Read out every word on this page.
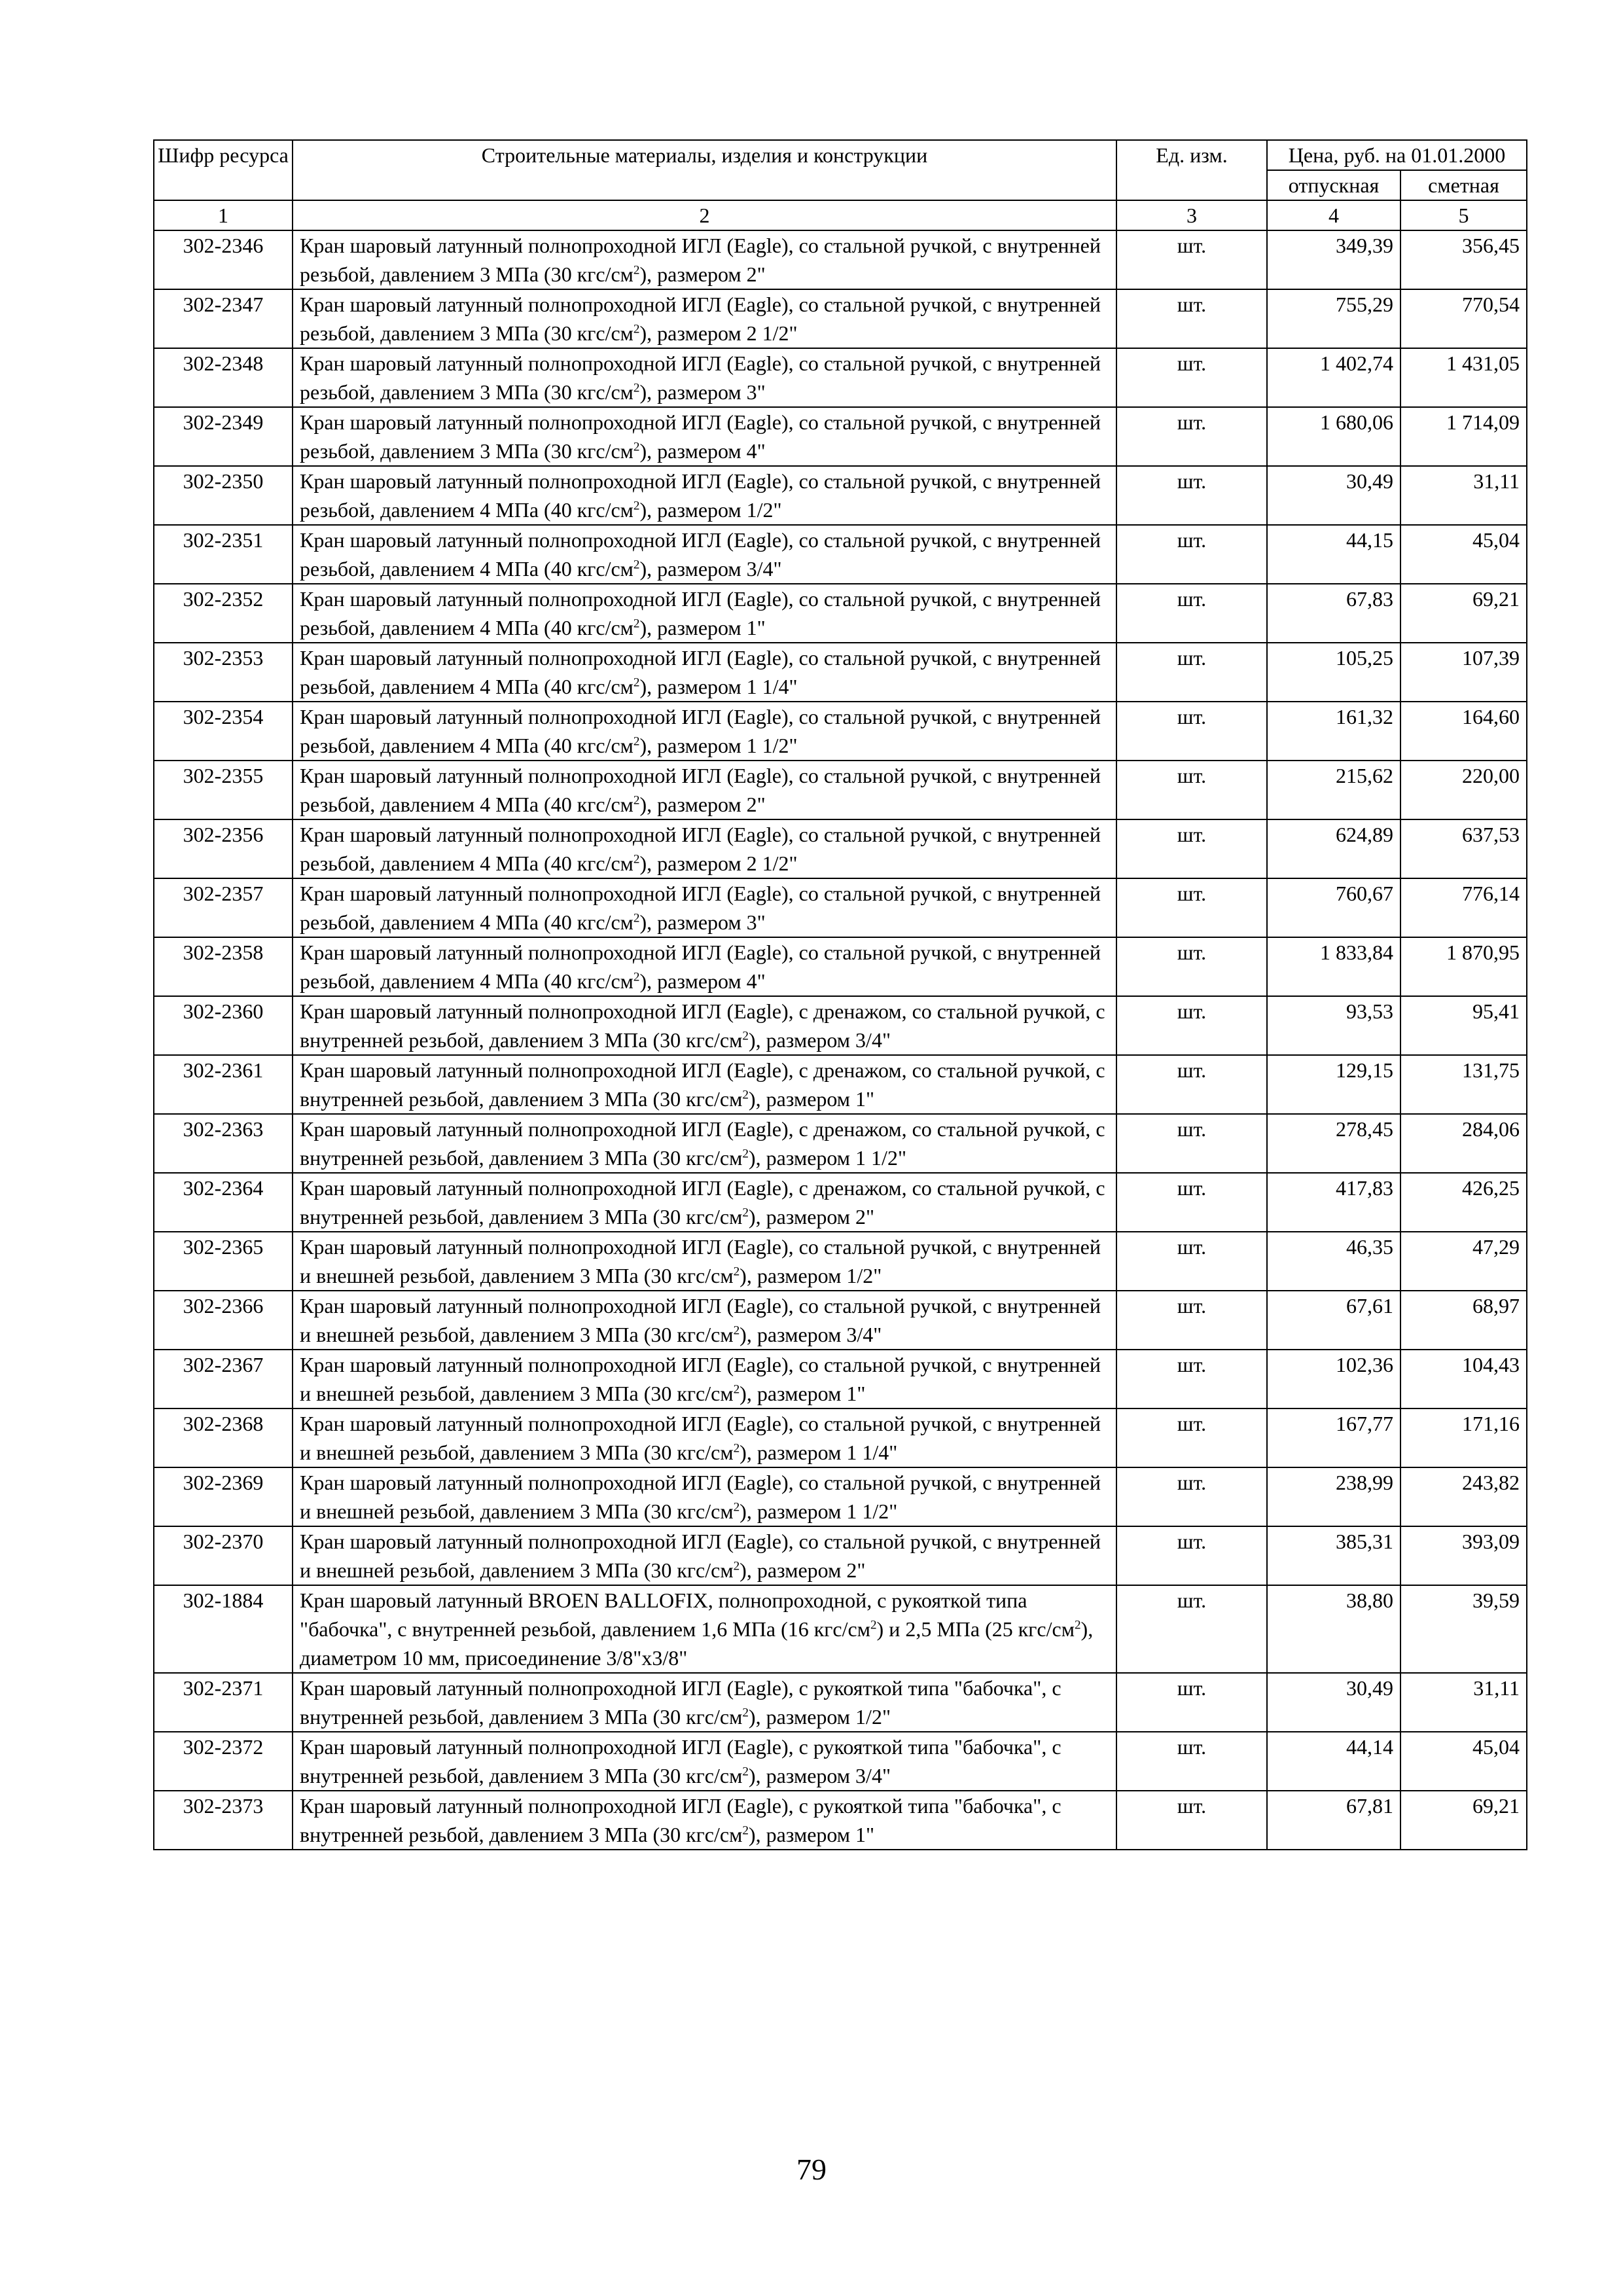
Шифр ресурса	Строительные материалы, изделия и конструкции	Ед. изм.	Цена, руб. на 01.01.2000	
			отпускная	сметная
1	2	3	4	5
302-2346	Кран шаровый латунный полнопроходной ИГЛ (Eagle), со стальной ручкой, с внутренней резьбой, давлением 3 МПа (30 кгс/$см^2$), размером 2"	шт.	349,39	356,45
302-2347	Кран шаровый латунный полнопроходной ИГЛ (Eagle), со стальной ручкой, с внутренней резьбой, давлением 3 МПа (30 кгс/$см^2$), размером 2 1/2"	шт.	755,29	770,54
302-2348	Кран шаровый латунный полнопроходной ИГЛ (Eagle), со стальной ручкой, с внутренней резьбой, давлением 3 МПа (30 кгс/$см^2$), размером 3"	шт.	1 402,74	1 431,05
302-2349	Кран шаровый латунный полнопроходной ИГЛ (Eagle), со стальной ручкой, с внутренней резьбой, давлением 3 МПа (30 кгс/$см^2$), размером 4"	шт.	1 680,06	1 714,09
302-2350	Кран шаровый латунный полнопроходной ИГЛ (Eagle), со стальной ручкой, с внутренней резьбой, давлением 4 МПа (40 кгс/$см^2$), размером 1/2"	шт.	30,49	31,11
302-2351	Кран шаровый латунный полнопроходной ИГЛ (Eagle), со стальной ручкой, с внутренней резьбой, давлением 4 МПа (40 кгс/$см^2$), размером 3/4"	шт.	44,15	45,04
302-2352	Кран шаровый латунный полнопроходной ИГЛ (Eagle), со стальной ручкой, с внутренней резьбой, давлением 4 МПа (40 кгс/$см^2$), размером 1"	шт.	67,83	69,21
302-2353	Кран шаровый латунный полнопроходной ИГЛ (Eagle), со стальной ручкой, с внутренней резьбой, давлением 4 МПа (40 кгс/$см^2$), размером 1 1/4"	шт.	105,25	107,39
302-2354	Кран шаровый латунный полнопроходной ИГЛ (Eagle), со стальной ручкой, с внутренней резьбой, давлением 4 МПа (40 кгс/$см^2$), размером 1 1/2"	шт.	161,32	164,60
302-2355	Кран шаровый латунный полнопроходной ИГЛ (Eagle), со стальной ручкой, с внутренней резьбой, давлением 4 МПа (40 кгс/$см^2$), размером 2"	шт.	215,62	220,00
302-2356	Кран шаровый латунный полнопроходной ИГЛ (Eagle), со стальной ручкой, с внутренней резьбой, давлением 4 МПа (40 кгс/$см^2$), размером 2 1/2"	шт.	624,89	637,53
302-2357	Кран шаровый латунный полнопроходной ИГЛ (Eagle), со стальной ручкой, с внутренней резьбой, давлением 4 МПа (40 кгс/$см^2$), размером 3"	шт.	760,67	776,14
302-2358	Кран шаровый латунный полнопроходной ИГЛ (Eagle), со стальной ручкой, с внутренней резьбой, давлением 4 МПа (40 кгс/$см^2$), размером 4"	шт.	1 833,84	1 870,95
302-2360	Кран шаровый латунный полнопроходной ИГЛ (Eagle), с дренажом, со стальной ручкой, с внутренней резьбой, давлением 3 МПа (30 кгс/$см^2$), размером 3/4"	шт.	93,53	95,41
302-2361	Кран шаровый латунный полнопроходной ИГЛ (Eagle), с дренажом, со стальной ручкой, с внутренней резьбой, давлением 3 МПа (30 кгс/$см^2$), размером 1"	шт.	129,15	131,75
302-2363	Кран шаровый латунный полнопроходной ИГЛ (Eagle), с дренажом, со стальной ручкой, с внутренней резьбой, давлением 3 МПа (30 кгс/$см^2$), размером 1 1/2"	шт.	278,45	284,06
302-2364	Кран шаровый латунный полнопроходной ИГЛ (Eagle), с дренажом, со стальной ручкой, с внутренней резьбой, давлением 3 МПа (30 кгс/$см^2$), размером 2"	шт.	417,83	426,25
302-2365	Кран шаровый латунный полнопроходной ИГЛ (Eagle), со стальной ручкой, с внутренней и внешней резьбой, давлением 3 МПа (30 кгс/$см^2$), размером 1/2"	шт.	46,35	47,29
302-2366	Кран шаровый латунный полнопроходной ИГЛ (Eagle), со стальной ручкой, с внутренней и внешней резьбой, давлением 3 МПа (30 кгс/$см^2$), размером 3/4"	шт.	67,61	68,97
302-2367	Кран шаровый латунный полнопроходной ИГЛ (Eagle), со стальной ручкой, с внутренней и внешней резьбой, давлением 3 МПа (30 кгс/$см^2$), размером 1"	шт.	102,36	104,43
302-2368	Кран шаровый латунный полнопроходной ИГЛ (Eagle), со стальной ручкой, с внутренней и внешней резьбой, давлением 3 МПа (30 кгс/$см^2$), размером 1 1/4"	шт.	167,77	171,16
302-2369	Кран шаровый латунный полнопроходной ИГЛ (Eagle), со стальной ручкой, с внутренней и внешней резьбой, давлением 3 МПа (30 кгс/$см^2$), размером 1 1/2"	шт.	238,99	243,82
302-2370	Кран шаровый латунный полнопроходной ИГЛ (Eagle), со стальной ручкой, с внутренней и внешней резьбой, давлением 3 МПа (30 кгс/$см^2$), размером 2"	шт.	385,31	393,09
302-1884	Кран шаровый латунный BROEN BALLOFIX, полнопроходной, с рукояткой типа "бабочка", с внутренней резьбой, давлением 1,6 МПа (16 кгс/$см^2$) и 2,5 МПа (25 кгс/$см^2$), диаметром 10 мм, присоединение 3/8"x3/8"	шт.	38,80	39,59
302-2371	Кран шаровый латунный полнопроходной ИГЛ (Eagle), с рукояткой типа "бабочка", с внутренней резьбой, давлением 3 МПа (30 кгс/$см^2$), размером 1/2"	шт.	30,49	31,11
302-2372	Кран шаровый латунный полнопроходной ИГЛ (Eagle), с рукояткой типа "бабочка", с внутренней резьбой, давлением 3 МПа (30 кгс/$см^2$), размером 3/4"	шт.	44,14	45,04
302-2373	Кран шаровый латунный полнопроходной ИГЛ (Eagle), с рукояткой типа "бабочка", с внутренней резьбой, давлением 3 МПа (30 кгс/$см^2$), размером 1"	шт.	67,81	69,21
79
